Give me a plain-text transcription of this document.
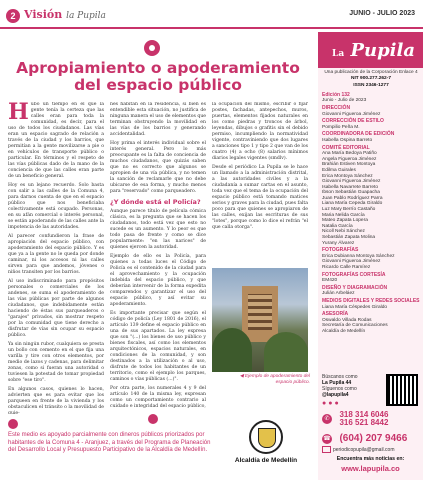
2 Visión la Pupila	JUNIO - JULIO 2023
Apropiamiento o apoderamiento del espacio público
H ubo un tiempo en el que la gente tenía la certeza que las calles eran para toda la comunidad, es decir, para el uso de todos los ciudadanos. Las vías eran un espacio sagrado de relación a través de la ciudad y los barrios, que permitían a la gente movilizarse a pie o en vehículos de transporte público o particular. En términos y el respeto de las vías públicas dado de la mano de la conciencia de que las calles eran parte de un beneficio general.

Hoy es un lejano recuerdo. Solo basta con salir a las calles de la Comuna 4, para darnos cuenta de que en el espacio público que nos beneficiaba colectivamente está ocupado. Personas, en su afán comercial o interés personal, se están apoderando de las calles ante la impotencia de las autoridades.

Al parecer confundieron la frase de apropiación del espacio público, con apoderamiento del espacio público. Y es que ya a la gente no le queda por donde caminar, ni los accesos ni las calles sirven para que andemos, jóvenes o niños transiten por los barrios.

Al uso indiscriminado para propósitos personales o comerciales de los andenes, se suma el apoderamiento de las vías públicas por parte de algunos ciudadanos, que indebidamente están haciendo de éstas sus parqueaderos o "garajes" privados, sin mostrar respeto por la comunidad que tiene derecho a disfrutar de vías sin ocupar su espacio público.

Ya sin ningún rubor, cualquiera se presta un bollo con cemento en el que fija una varilla y tire con otros elementos, por medio de lazos y cadenas, para delimitar zonas, como si fueran una autoridad o tuviesen la potestad de tomar propiedad sobre "ese tiro".

En algunos casos, quienes lo hacen, advierten que es para evitar que los parqueen en frente de la vivienda y los obstaculicen el tránsito o la movilidad de quie-

nes habitan en la residencia, si bien es entendible esta situación, no justifica de ninguna manera el uso de elementos que terminan obstruyendo la movilidad en las vías de los barrios y generando accidentalidad.

Hoy prima el interés individual sobre el interés general. Pero lo más preocupante es la falta de conciencia de muchos ciudadanos, que quizás saben que no es correcto que algunos se apropien de una vía pública, y no temen la sanción de reclamarle que no debe ubicarse de esa forma, y mucho menos para "reservado" como parqueadero.

¿Y dónde está el Policía?

Aunque parece título de película cómica clásica, es la pregunta que se hacen los ciudadanos, todo está vez que esto no sucede es un aumento. Y lo peor es que todo pasa de frente y como se dice popularmente: "en las narices" de quienes ejercen la autoridad.

Ejemplo de ello es la Policía, para quienes a todas luces el Código de Policía es el contenido de la ciudad para el aprovechamiento y la ocupación indebida del espacio público, y que deberían intervenir de la forma expedita comparendos y garantizar el uso del espacio público, y así evitar su apoderamiento.

Es importante precisar que según el código de policía (Ley 1801 de 2016), el artículo 139 define el espacio público en una de sus apartados. La ley expresa que son "(...) los bienes de uso público y bienes fiscales, así como los elementos arquitectónicos, espacios naturales, en condiciones de la comunidad, y son destinados a la utilización o al uso, disfrute de todos los habitantes de un territorio, como el ejemplo los parques, caminos o vías públicas (...)".

Por otra parte, los numerales 4 y 9 del artículo 140 de la misma ley, expresan como un comportamiento contrario al cuidado e integridad del espacio público,

la ocupación del mismo, escribir o fijar postes, fachadas, antepechos, muros, puertas, elementos fijados naturales en los como piedras y troncos de árbol, leyendas, dibujos o grafitis sin el debido permiso, incumpliendo la normatividad vigente, contraviniendo que dos lugares a sanciones tipo 1 y tipo 2 que van de los cuatro (4) a ocho (8) salarios mínimos diarios legales vigentes (smdlv).

Desde el periódico La Pupila se le hace un llamado a la administración distrital, a las autoridades civiles y a la ciudadanía a sumar cartas en el asunto, toda vez que el tema de la ocupación del espacio público está tomando matices serios y graves para la ciudad, pues falta poco para que quienes se apropiaron de las calles, exijan las escrituras de sus "lotes", porque como lo dice el refrán "el que calla otorga".

◀ Ejemplo de apoderamiento del espacio público.

Este medio es apoyado parcialmente con dineros públicos priorizados por habitantes de la Comuna 4 - Aranjuez, a través del Programa de Planeación del Desarrollo Local y Presupuesto Participativo de la Alcaldía de Medellín.

Alcaldía de Medellín
La Pupila
Una publicación de la Corporación Enlace 4
NIT 900.277.262-7
ISSN 2346-1277
Edición 132
Junio - Julio de 2023
DIRECCIÓN
Giovanni Figueroa Jiménez
CORRECCIÓN DE ESTILO
Pompilio Peña M.
COORDINADORA DE EDICIÓN
Isabella Ospina Barreto
COMITÉ EDITORIAL
Ana María Bedoya Patiño
Angela Figueroa Jiménez
Brahián Estiven Montoya
Edilma Guirales
Erica Montoya Sánchez
Giovanni Figueroa Jiménez
Isabella Navarrete Barreto
Ibson Sebastián Guapacha
Juan Pablo Rodríguez Parra
Liana María Cepeda Giraldo
Luz Mary Berrío Castaño
Maria Nelida García
Mateo Zapata Lopera
Natalia García
Nicoll Nebi Sánchez
Sebastián Zapata Molina
Yurany Álvarez
FOTOGRAFÍAS
Erica Dubianna Montoya Sánchez
Giovanni Figueroa Jiménez
Ricardo Calle Ramírez
FOTOGRAFÍAS CORTESÍA
EM420
DISEÑO Y DIAGRAMACIÓN
Julián Arbeláez
MEDIOS DIGITALES Y REDES SOCIALES
Liana María Céspedes Giraldo
ASESORÍA
Oswaldo Villada Rodas
Secretaría de Comunicaciones
Alcaldía de Medellín
Búscanos como
La Pupila 44
Síguenos como
@lapupila4
●●●
✆ 318 314 6046
316 521 8442
☎ (604) 207 9466
periodicopupila@gmail.com
Encuentra más noticias en:
www.lapupila.co
